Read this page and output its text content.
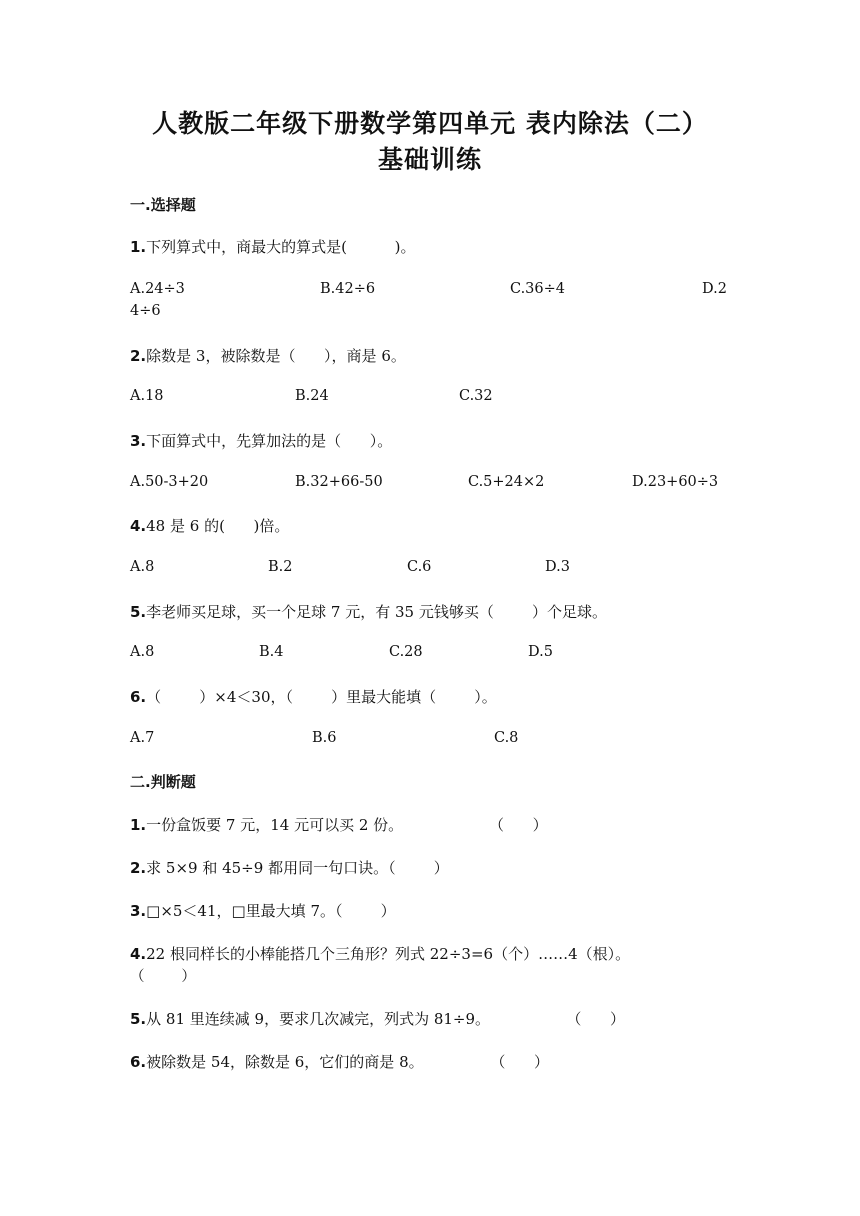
人教版二年级下册数学第四单元 表内除法（二）
基础训练
一.选择题
1.下列算式中，商最大的算式是(          )。
A.24÷3	B.42÷6	C.36÷4	D.2
4÷6
2.除数是 3，被除数是（      ），商是 6。
A.18	B.24	C.32
3.下面算式中，先算加法的是（      ）。
A.50-3+20	B.32+66-50	C.5+24×2	D.23+60÷3
4.48 是 6 的(      )倍。
A.8	B.2	C.6	D.3
5.李老师买足球，买一个足球 7 元，有 35 元钱够买（        ）个足球。
A.8	B.4	C.28	D.5
6.（        ）×4＜30，（        ）里最大能填（        ）。
A.7	B.6	C.8
二.判断题
1.一份盒饭要 7 元，14 元可以买 2 份。                  （      ）
2.求 5×9 和 45÷9 都用同一句口诀。（        ）
3.□×5＜41，□里最大填 7。（        ）
4.22 根同样长的小棒能搭几个三角形？列式 22÷3=6（个）……4（根）。
（        ）
5.从 81 里连续减 9，要求几次减完，列式为 81÷9。                （      ）
6.被除数是 54，除数是 6，它们的商是 8。              （      ）
